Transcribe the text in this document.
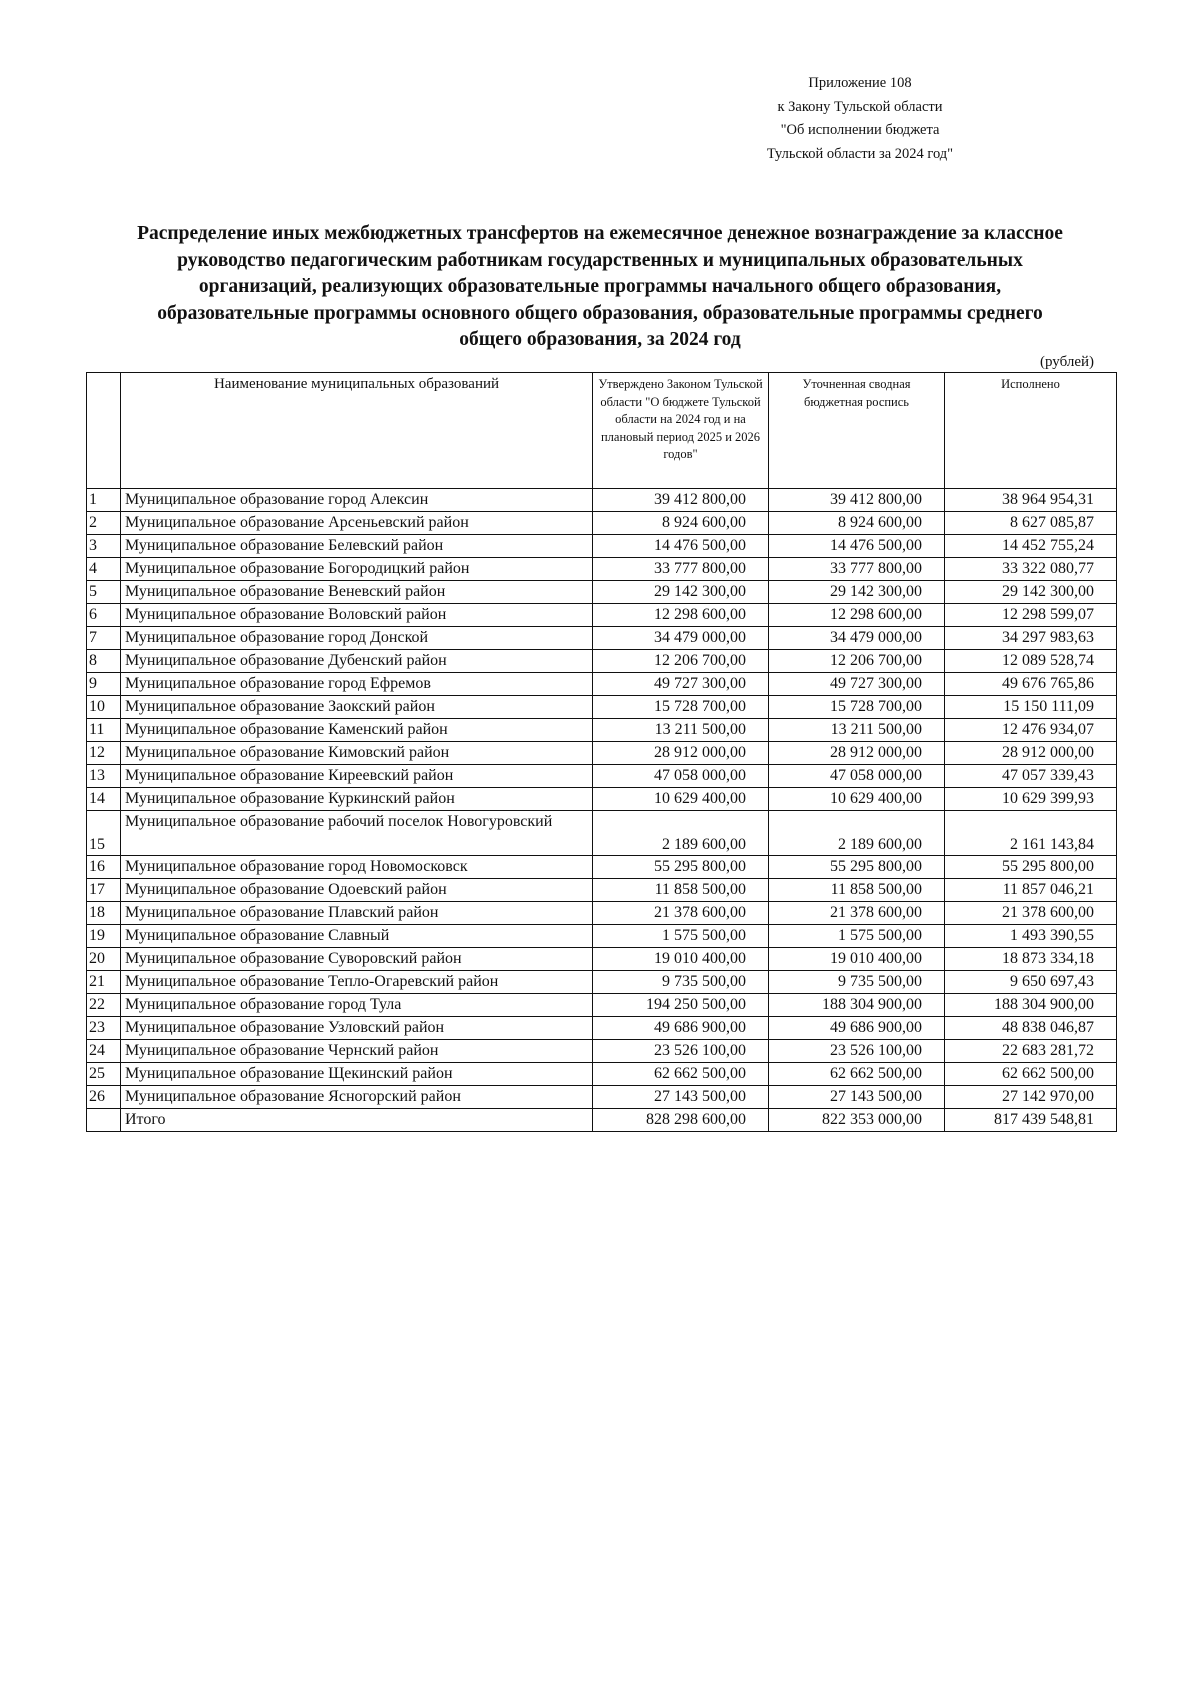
Приложение 108
к Закону Тульской области
"Об исполнении бюджета
Тульской области за 2024 год"
Распределение иных межбюджетных трансфертов на ежемесячное денежное вознаграждение за классное
руководство педагогическим работникам государственных и муниципальных образовательных
организаций, реализующих образовательные программы начального общего образования,
образовательные программы основного общего образования, образовательные программы среднего
общего образования, за 2024 год
(рублей)
	Наименование муниципальных образований	Утверждено Законом Тульской области "О бюджете Тульской области на 2024 год и на плановый период 2025 и 2026 годов"	Уточненная сводная бюджетная роспись	Исполнено
1	Муниципальное образование город Алексин	39 412 800,00	39 412 800,00	38 964 954,31
2	Муниципальное образование Арсеньевский район	8 924 600,00	8 924 600,00	8 627 085,87
3	Муниципальное образование Белевский район	14 476 500,00	14 476 500,00	14 452 755,24
4	Муниципальное образование Богородицкий район	33 777 800,00	33 777 800,00	33 322 080,77
5	Муниципальное образование Веневский район	29 142 300,00	29 142 300,00	29 142 300,00
6	Муниципальное образование Воловский район	12 298 600,00	12 298 600,00	12 298 599,07
7	Муниципальное образование город Донской	34 479 000,00	34 479 000,00	34 297 983,63
8	Муниципальное образование Дубенский район	12 206 700,00	12 206 700,00	12 089 528,74
9	Муниципальное образование город Ефремов	49 727 300,00	49 727 300,00	49 676 765,86
10	Муниципальное образование Заокский район	15 728 700,00	15 728 700,00	15 150 111,09
11	Муниципальное образование Каменский район	13 211 500,00	13 211 500,00	12 476 934,07
12	Муниципальное образование Кимовский район	28 912 000,00	28 912 000,00	28 912 000,00
13	Муниципальное образование Киреевский район	47 058 000,00	47 058 000,00	47 057 339,43
14	Муниципальное образование Куркинский район	10 629 400,00	10 629 400,00	10 629 399,93
15	Муниципальное образование рабочий поселок Новогуровский	2 189 600,00	2 189 600,00	2 161 143,84
16	Муниципальное образование город Новомосковск	55 295 800,00	55 295 800,00	55 295 800,00
17	Муниципальное образование Одоевский район	11 858 500,00	11 858 500,00	11 857 046,21
18	Муниципальное образование Плавский район	21 378 600,00	21 378 600,00	21 378 600,00
19	Муниципальное образование Славный	1 575 500,00	1 575 500,00	1 493 390,55
20	Муниципальное образование Суворовский район	19 010 400,00	19 010 400,00	18 873 334,18
21	Муниципальное образование Тепло-Огаревский район	9 735 500,00	9 735 500,00	9 650 697,43
22	Муниципальное образование город Тула	194 250 500,00	188 304 900,00	188 304 900,00
23	Муниципальное образование Узловский район	49 686 900,00	49 686 900,00	48 838 046,87
24	Муниципальное образование Чернский район	23 526 100,00	23 526 100,00	22 683 281,72
25	Муниципальное образование Щекинский район	62 662 500,00	62 662 500,00	62 662 500,00
26	Муниципальное образование Ясногорский район	27 143 500,00	27 143 500,00	27 142 970,00
	Итого	828 298 600,00	822 353 000,00	817 439 548,81
